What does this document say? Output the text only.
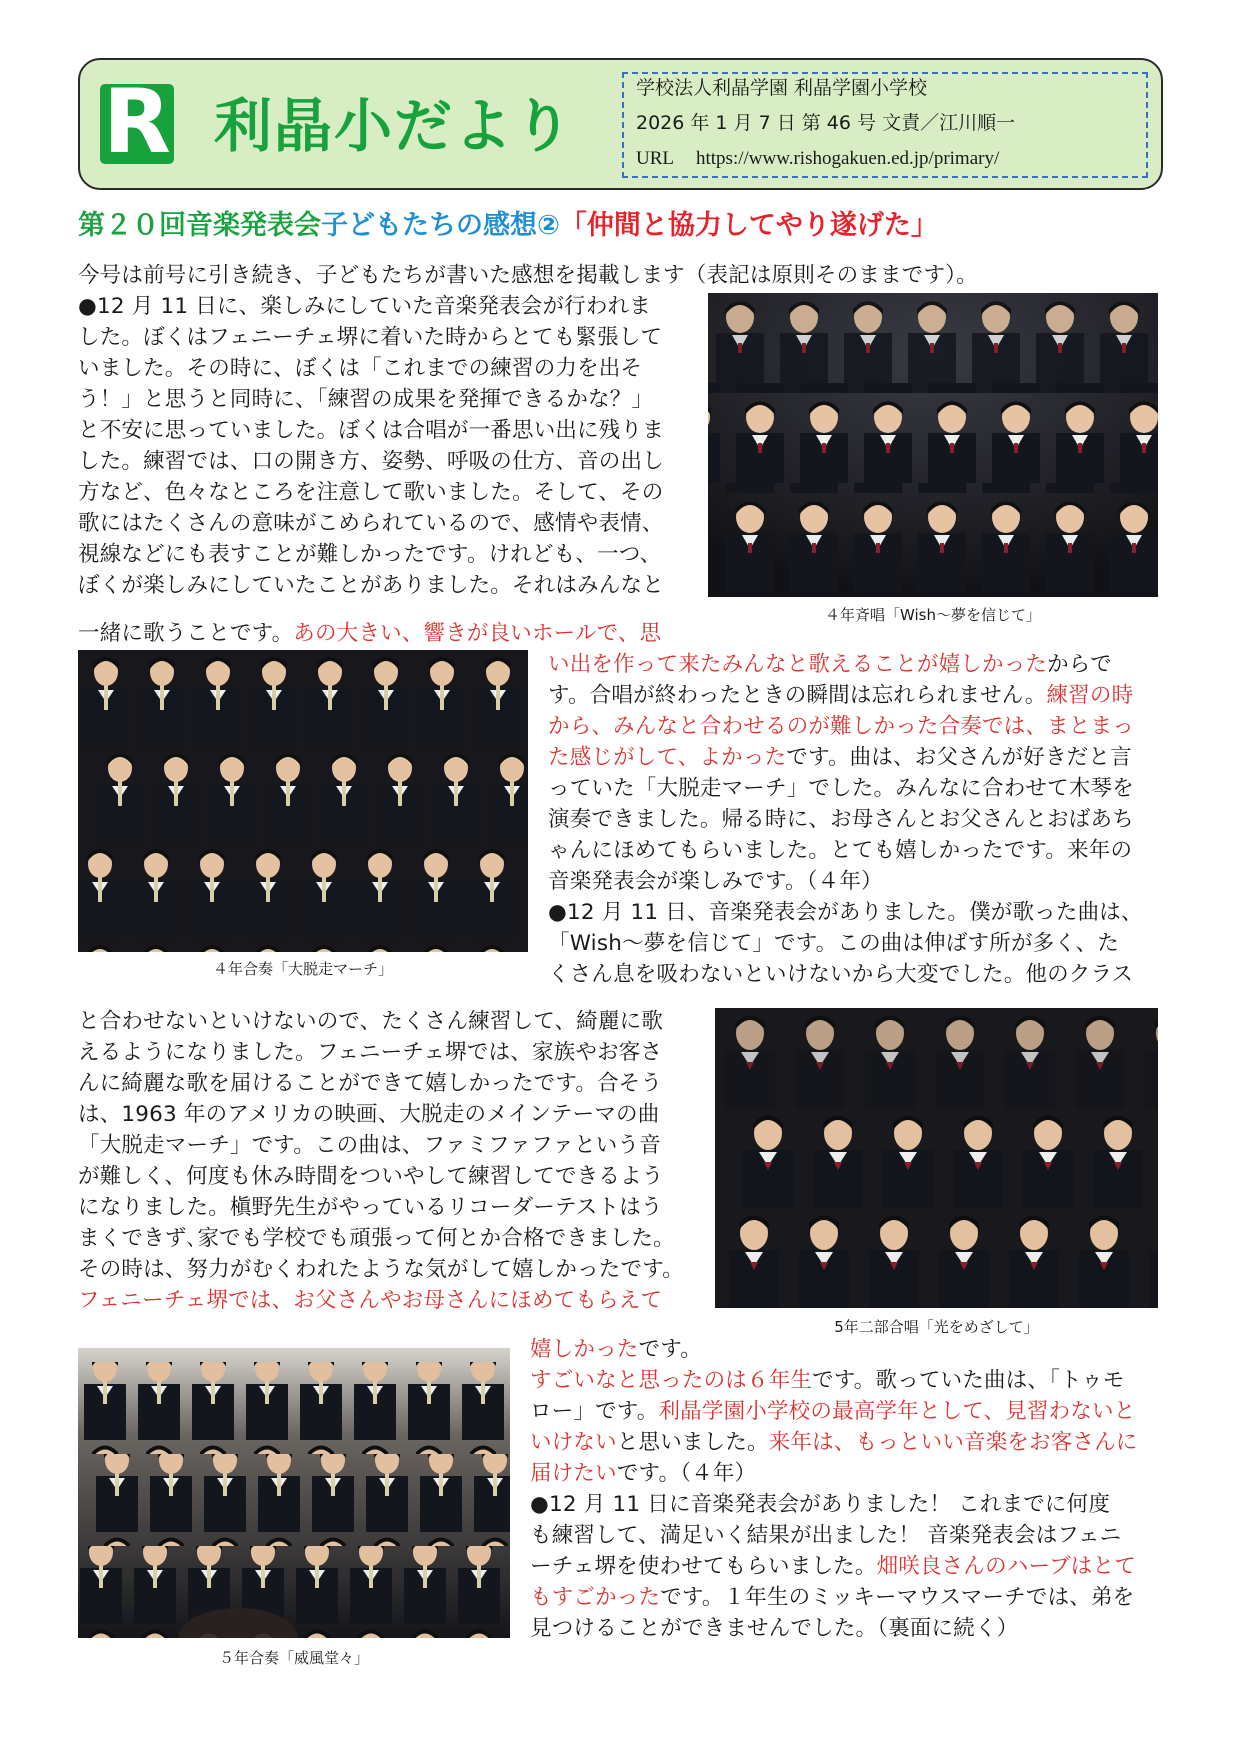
R 利晶小だより
学校法人利晶学園 利晶学園小学校
2026 年 1 月 7 日 第 46 号 文責／江川順一
URL https://www.rishogakuen.ed.jp/primary/
第２０回音楽発表会子どもたちの感想②「仲間と協力してやり遂げた」
今号は前号に引き続き、子どもたちが書いた感想を掲載します（表記は原則そのままです）。
●12 月 11 日に、楽しみにしていた音楽発表会が行われま
した。ぼくはフェニーチェ堺に着いた時からとても緊張して
いました。その時に、ぼくは「これまでの練習の力を出そ
う！」と思うと同時に、「練習の成果を発揮できるかな？」
と不安に思っていました。ぼくは合唱が一番思い出に残りま
した。練習では、口の開き方、姿勢、呼吸の仕方、音の出し
方など、色々なところを注意して歌いました。そして、その
歌にはたくさんの意味がこめられているので、感情や表情、
視線などにも表すことが難しかったです。けれども、一つ、
ぼくが楽しみにしていたことがありました。それはみんなと
一緒に歌うことです。あの大きい、響きが良いホールで、思
４年斉唱「Wish〜夢を信じて」
４年合奏「大脱走マーチ」
い出を作って来たみんなと歌えることが嬉しかったからで
す。合唱が終わったときの瞬間は忘れられません。練習の時
から、みんなと合わせるのが難しかった合奏では、まとまっ
た感じがして、よかったです。曲は、お父さんが好きだと言
っていた「大脱走マーチ」でした。みんなに合わせて木琴を
演奏できました。帰る時に、お母さんとお父さんとおばあち
ゃんにほめてもらいました。とても嬉しかったです。来年の
音楽発表会が楽しみです。（４年）
●12 月 11 日、音楽発表会がありました。僕が歌った曲は、
「Wish〜夢を信じて」です。この曲は伸ばす所が多く、た
くさん息を吸わないといけないから大変でした。他のクラス
と合わせないといけないので、たくさん練習して、綺麗に歌
えるようになりました。フェニーチェ堺では、家族やお客さ
んに綺麗な歌を届けることができて嬉しかったです。合そう
は、1963 年のアメリカの映画、大脱走のメインテーマの曲
「大脱走マーチ」です。この曲は、ファミファファという音
が難しく、何度も休み時間をついやして練習してできるよう
になりました。槇野先生がやっているリコーダーテストはう
まくできず､家でも学校でも頑張って何とか合格できました。
その時は、努力がむくわれたような気がして嬉しかったです。
フェニーチェ堺では、お父さんやお母さんにほめてもらえて
5年二部合唱「光をめざして」
５年合奏「威風堂々」
嬉しかったです。
すごいなと思ったのは６年生です。歌っていた曲は、「トゥモ
ロー」です。利晶学園小学校の最高学年として、見習わないと
いけないと思いました。来年は、もっといい音楽をお客さんに
届けたいです。（４年）
●12 月 11 日に音楽発表会がありました！ これまでに何度
も練習して、満足いく結果が出ました！ 音楽発表会はフェニ
ーチェ堺を使わせてもらいました。畑咲良さんのハーブはとて
もすごかったです。１年生のミッキーマウスマーチでは、弟を
見つけることができませんでした。（裏面に続く）
